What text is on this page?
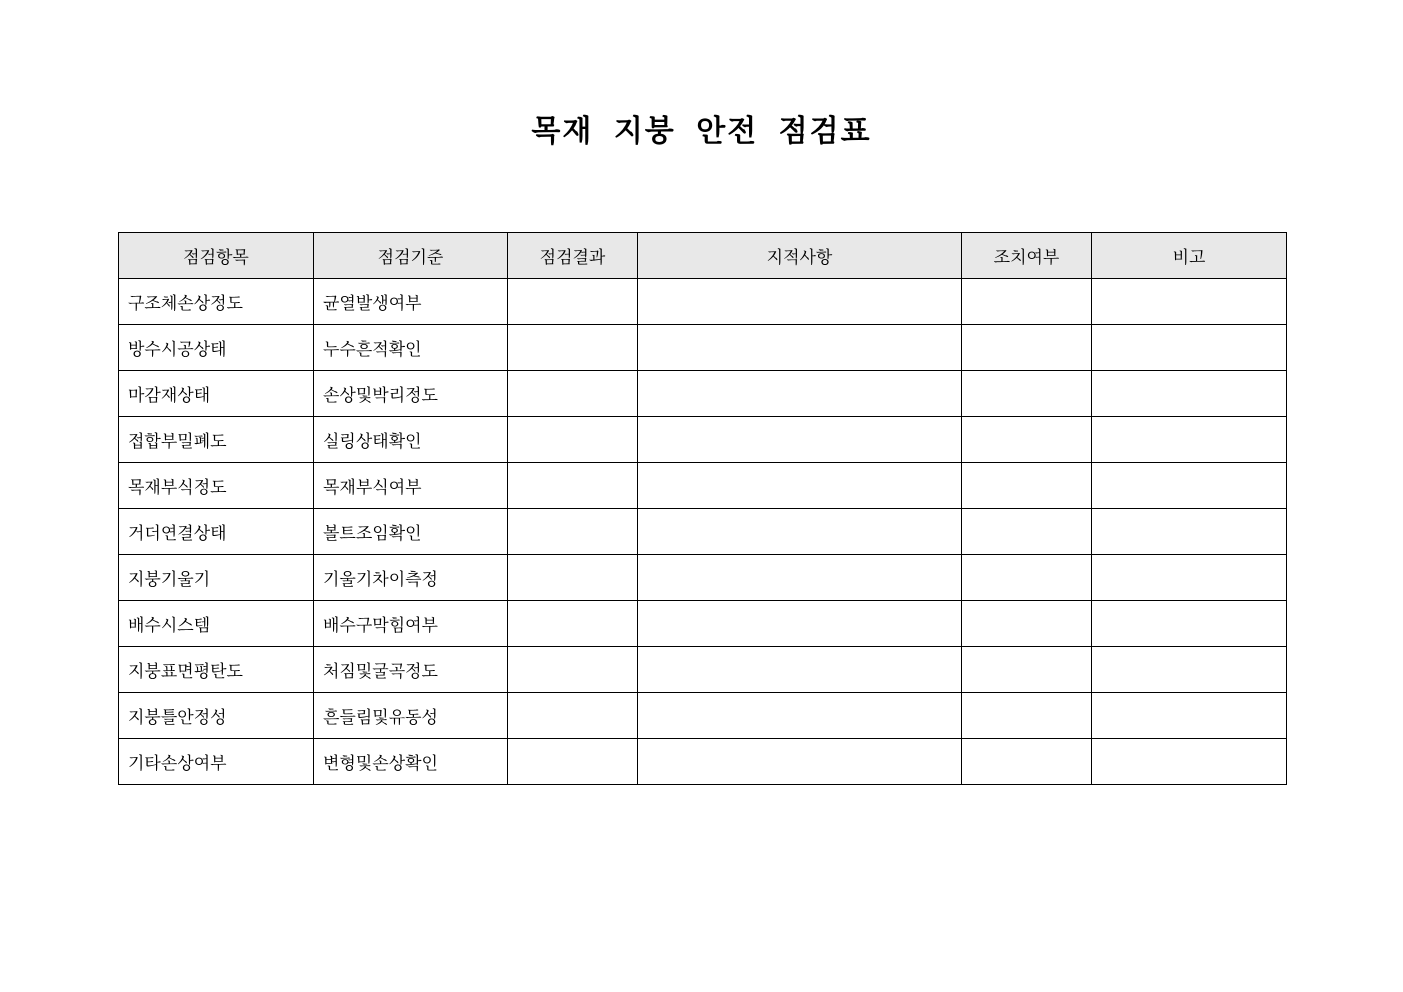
목재 지붕 안전 점검표
점검항목	점검기준	점검결과	지적사항	조치여부	비고
구조체손상정도	균열발생여부				
방수시공상태	누수흔적확인				
마감재상태	손상및박리정도				
접합부밀폐도	실링상태확인				
목재부식정도	목재부식여부				
거더연결상태	볼트조임확인				
지붕기울기	기울기차이측정				
배수시스템	배수구막힘여부				
지붕표면평탄도	처짐및굴곡정도				
지붕틀안정성	흔들림및유동성				
기타손상여부	변형및손상확인				
